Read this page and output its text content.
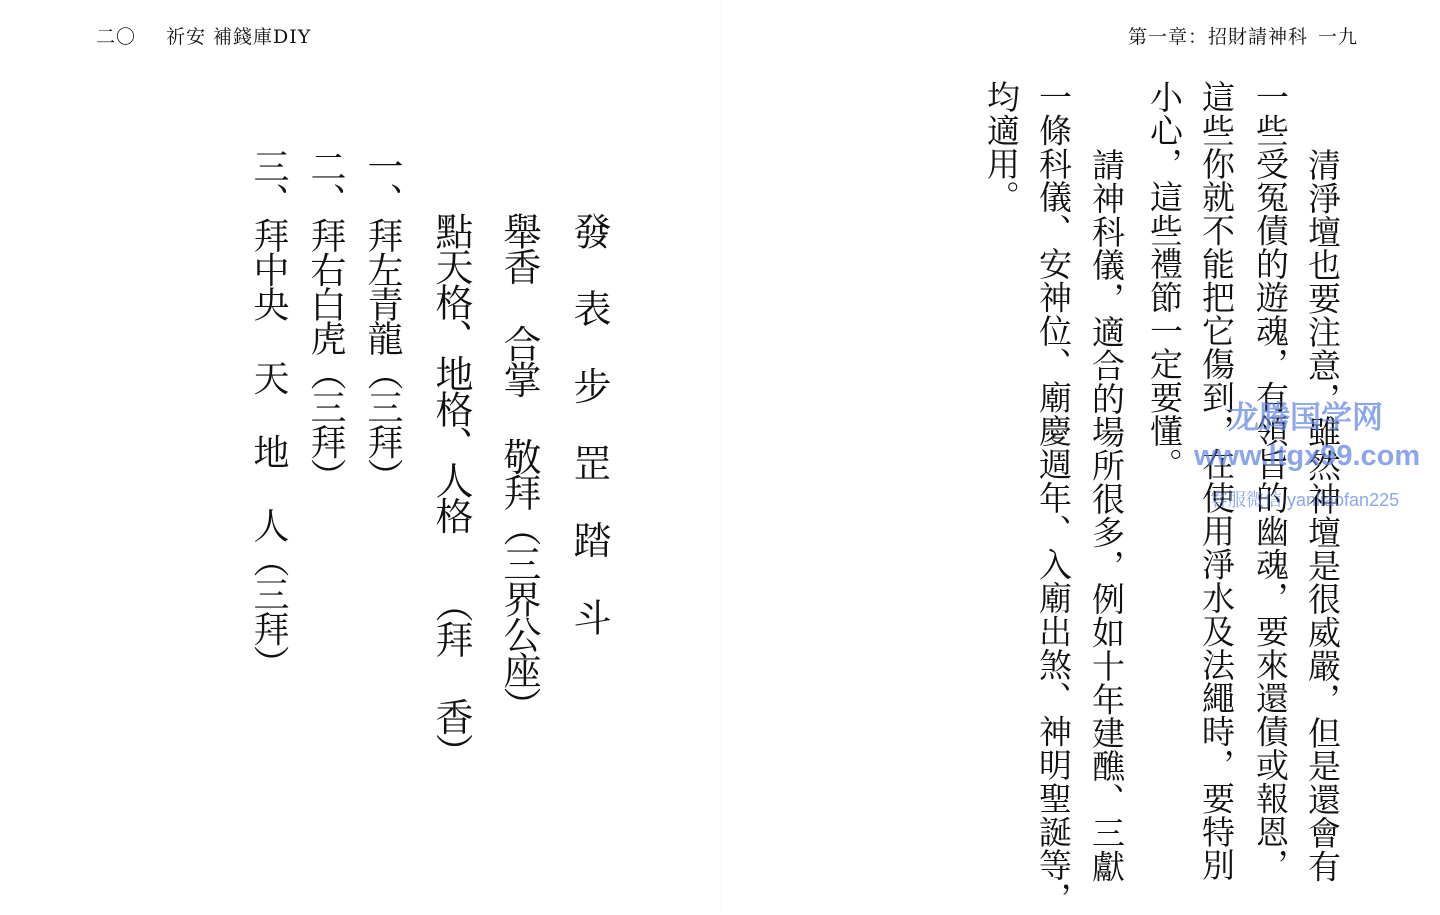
二〇 祈安 補錢庫DIY	第一章：招財請神科 一九
發 表 步 罡 踏 斗
舉香 合掌 敬拜（三界公座）
點天格、地格、人格　　（拜 香）
一、拜左青龍（三拜）
二、拜右白虎（三拜）
三、拜中央 天 地 人（三拜）	清淨壇也要注意，雖然神壇是很威嚴，但是還會有
一些受冤債的遊魂，有領旨的幽魂，要來還債或報恩，
這些你就不能把它傷到，在使用淨水及法繩時，要特別
小心，這些禮節一定要懂。
請神科儀，適合的場所很多，例如十年建醮、三獻
一條科儀、安神位、廟慶週年、入廟出煞、神明聖誕等，
均適用。
龙腾国学网
www.ltgx99.com
客服微信 yanliaofan225
